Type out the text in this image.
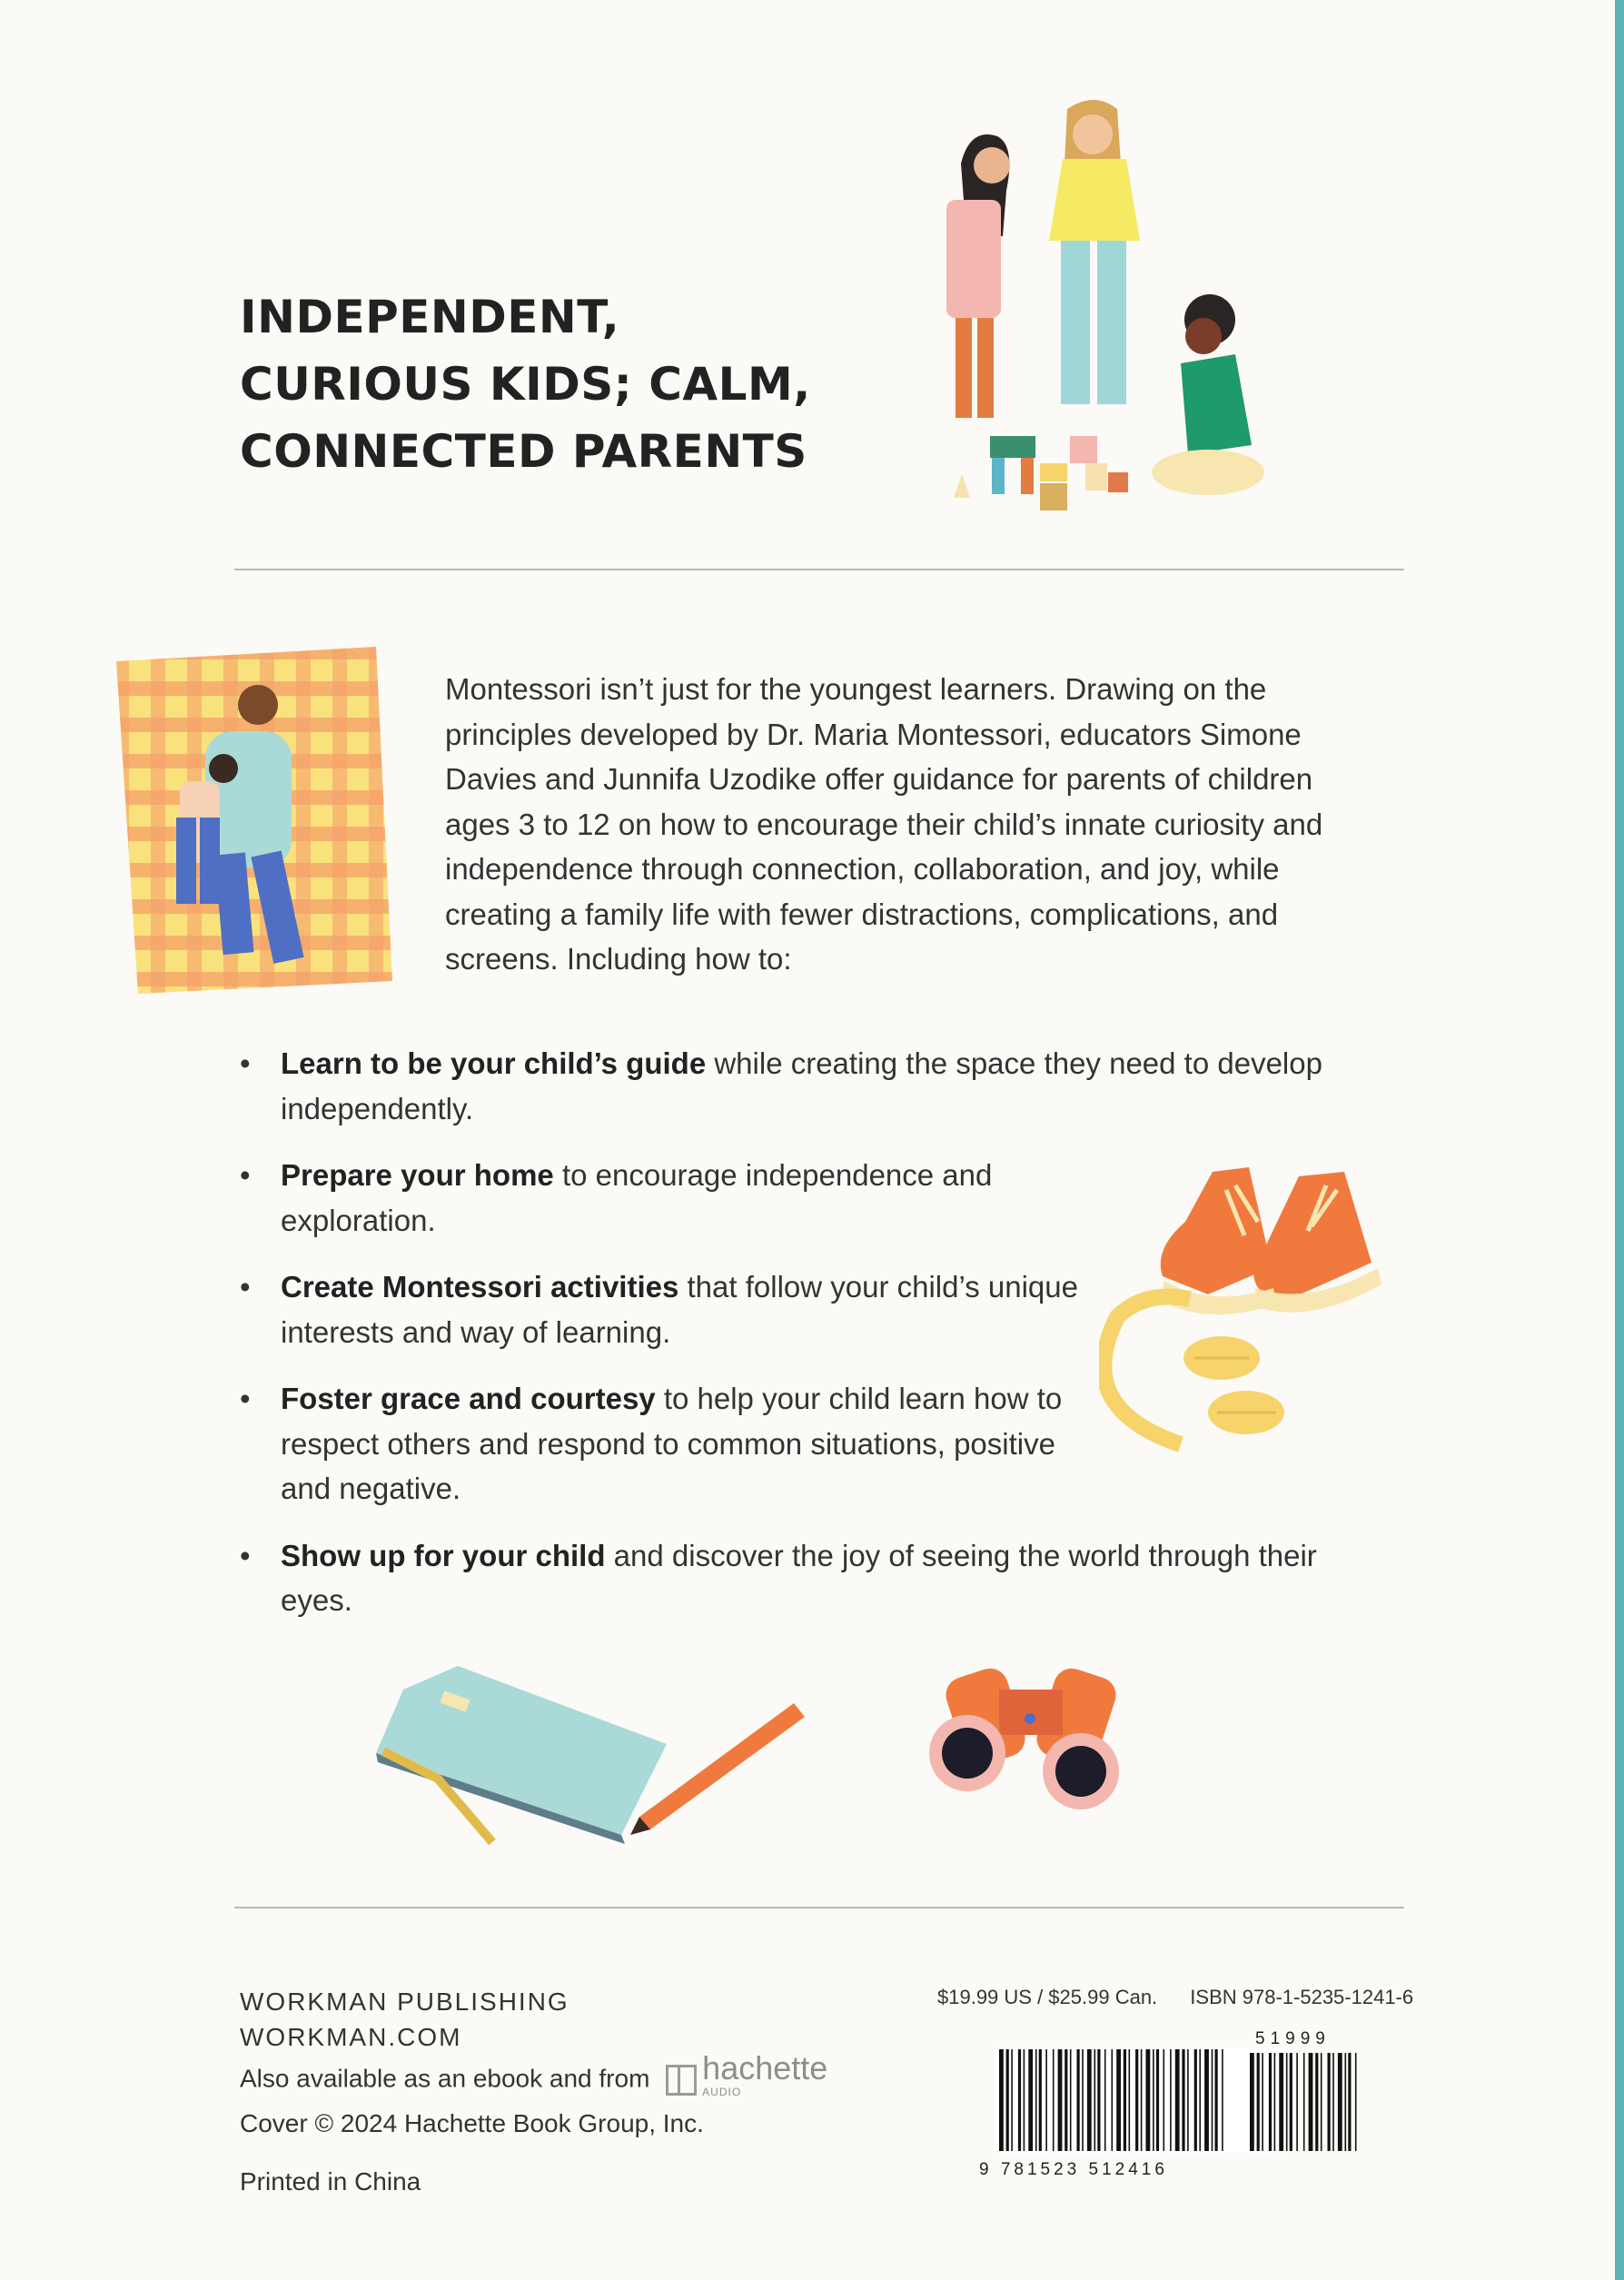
INDEPENDENT,
CURIOUS KIDS; CALM,
CONNECTED PARENTS

Montessori isn’t just for the youngest learners. Drawing on the principles developed by Dr. Maria Montessori, educators Simone Davies and Junnifa Uzodike offer guidance for parents of children ages 3 to 12 on how to encourage their child’s innate curiosity and independence through connection, collaboration, and joy, while creating a family life with fewer distractions, complications, and screens. Including how to:

• Learn to be your child’s guide while creating the space they need to develop independently.
• Prepare your home to encourage independence and exploration.
• Create Montessori activities that follow your child’s unique interests and way of learning.
• Foster grace and courtesy to help your child learn how to respect others and respond to common situations, positive and negative.
• Show up for your child and discover the joy of seeing the world through their eyes.
WORKMAN PUBLISHING
WORKMAN.COM
Also available as an ebook and from hachette
AUDIO
Cover © 2024 Hachette Book Group, Inc.
Printed in China
$19.99 US / $25.99 Can. ISBN 978-1-5235-1241-6
9 781523 512416
51999
